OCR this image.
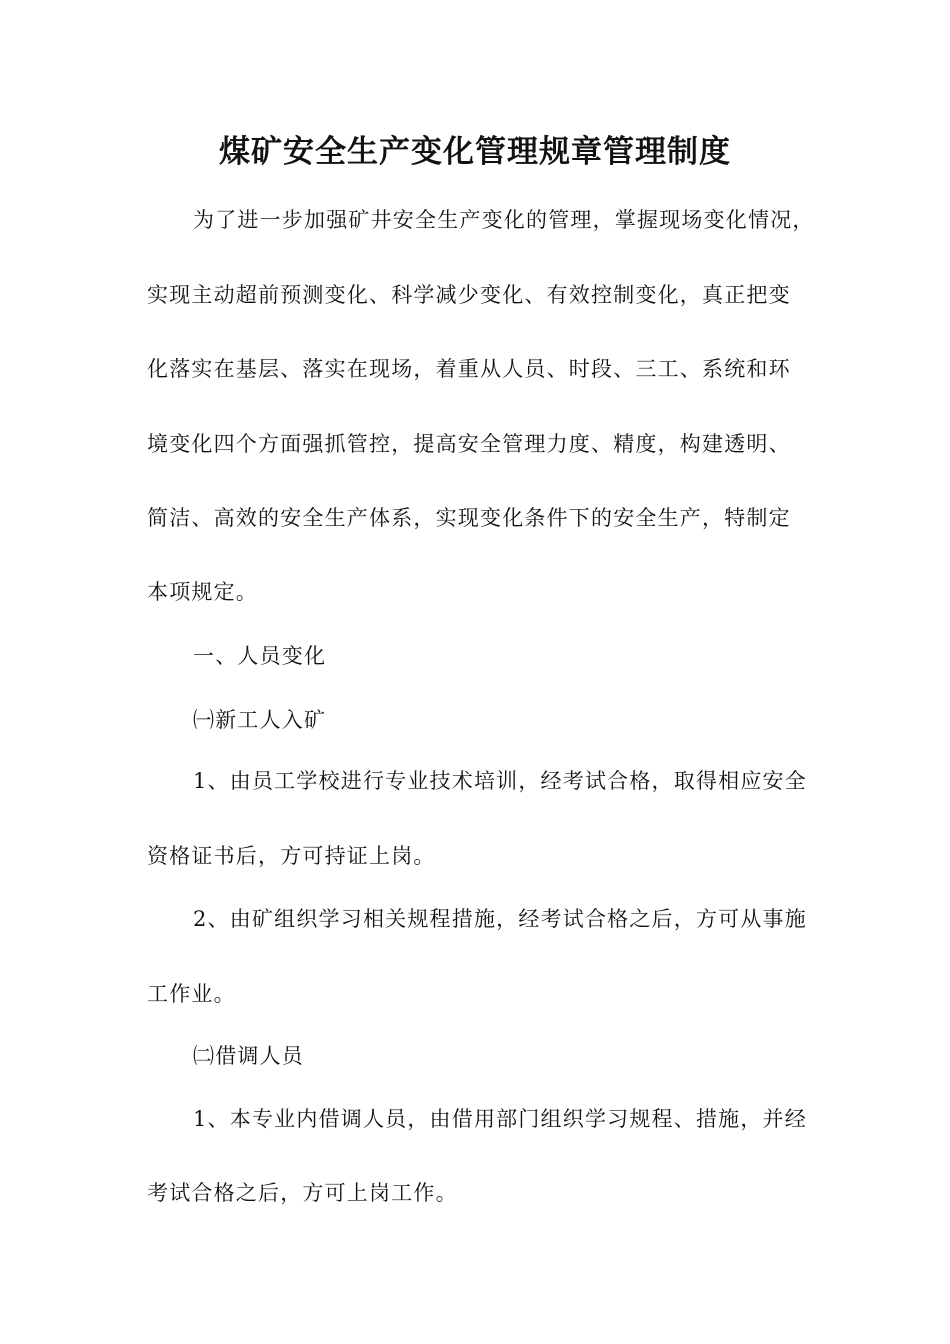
煤矿安全生产变化管理规章管理制度

为了进一步加强矿井安全生产变化的管理，掌握现场变化情况，

实现主动超前预测变化、科学减少变化、有效控制变化，真正把变

化落实在基层、落实在现场，着重从人员、时段、三工、系统和环

境变化四个方面强抓管控，提高安全管理力度、精度，构建透明、

简洁、高效的安全生产体系，实现变化条件下的安全生产，特制定

本项规定。

一、人员变化

㈠新工人入矿

1、由员工学校进行专业技术培训，经考试合格，取得相应安全

资格证书后，方可持证上岗。

2、由矿组织学习相关规程措施，经考试合格之后，方可从事施

工作业。

㈡借调人员

1、本专业内借调人员，由借用部门组织学习规程、措施，并经

考试合格之后，方可上岗工作。
